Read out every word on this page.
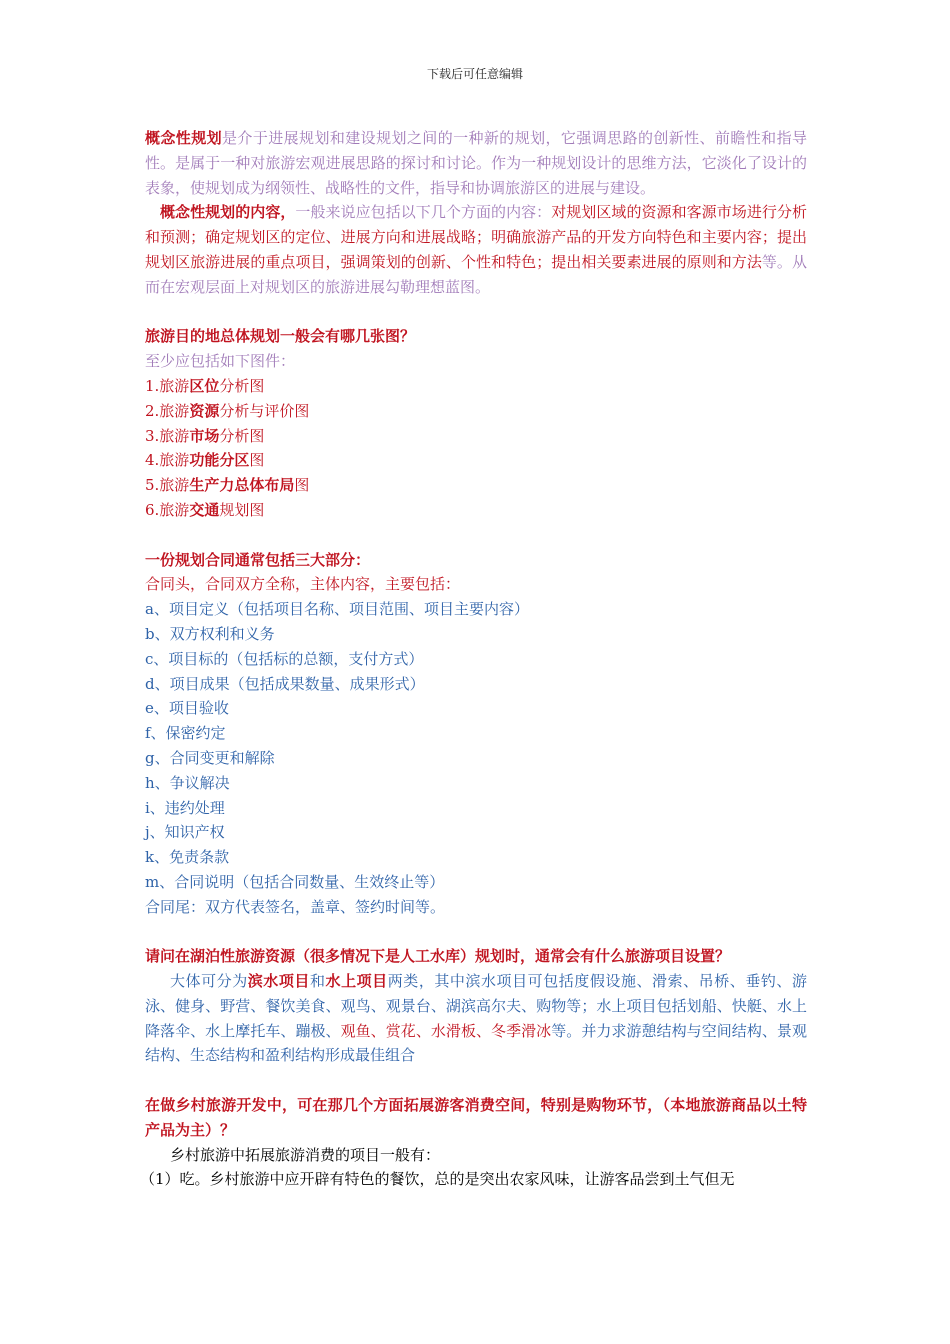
下载后可任意编辑

概念性规划是介于进展规划和建设规划之间的一种新的规划，它强调思路的创新性、前瞻性和指导性。是属于一种对旅游宏观进展思路的探讨和讨论。作为一种规划设计的思维方法，它淡化了设计的表象，使规划成为纲领性、战略性的文件，指导和协调旅游区的进展与建设。

概念性规划的内容，一般来说应包括以下几个方面的内容：对规划区域的资源和客源市场进行分析和预测；确定规划区的定位、进展方向和进展战略；明确旅游产品的开发方向特色和主要内容；提出规划区旅游进展的重点项目，强调策划的创新、个性和特色；提出相关要素进展的原则和方法等。从而在宏观层面上对规划区的旅游进展勾勒理想蓝图。

旅游目的地总体规划一般会有哪几张图？

至少应包括如下图件：

1.旅游区位分析图

2.旅游资源分析与评价图

3.旅游市场分析图

4.旅游功能分区图

5.旅游生产力总体布局图

6.旅游交通规划图

一份规划合同通常包括三大部分：

合同头，合同双方全称，主体内容，主要包括：

a、项目定义（包括项目名称、项目范围、项目主要内容）

b、双方权利和义务

c、项目标的（包括标的总额，支付方式）

d、项目成果（包括成果数量、成果形式）

e、项目验收

f、保密约定

g、合同变更和解除

h、争议解决

i、违约处理

j、知识产权

k、免责条款

m、合同说明（包括合同数量、生效终止等）

合同尾：双方代表签名，盖章、签约时间等。

请问在湖泊性旅游资源（很多情况下是人工水库）规划时，通常会有什么旅游项目设置？

大体可分为滨水项目和水上项目两类，其中滨水项目可包括度假设施、滑索、吊桥、垂钓、游泳、健身、野营、餐饮美食、观鸟、观景台、湖滨高尔夫、购物等；水上项目包括划船、快艇、水上降落伞、水上摩托车、蹦极、观鱼、赏花、水滑板、冬季滑冰等。并力求游憩结构与空间结构、景观结构、生态结构和盈利结构形成最佳组合

在做乡村旅游开发中，可在那几个方面拓展游客消费空间，特别是购物环节，（本地旅游商品以土特产品为主）？

乡村旅游中拓展旅游消费的项目一般有：

（1）吃。乡村旅游中应开辟有特色的餐饮，总的是突出农家风味，让游客品尝到土气但无
